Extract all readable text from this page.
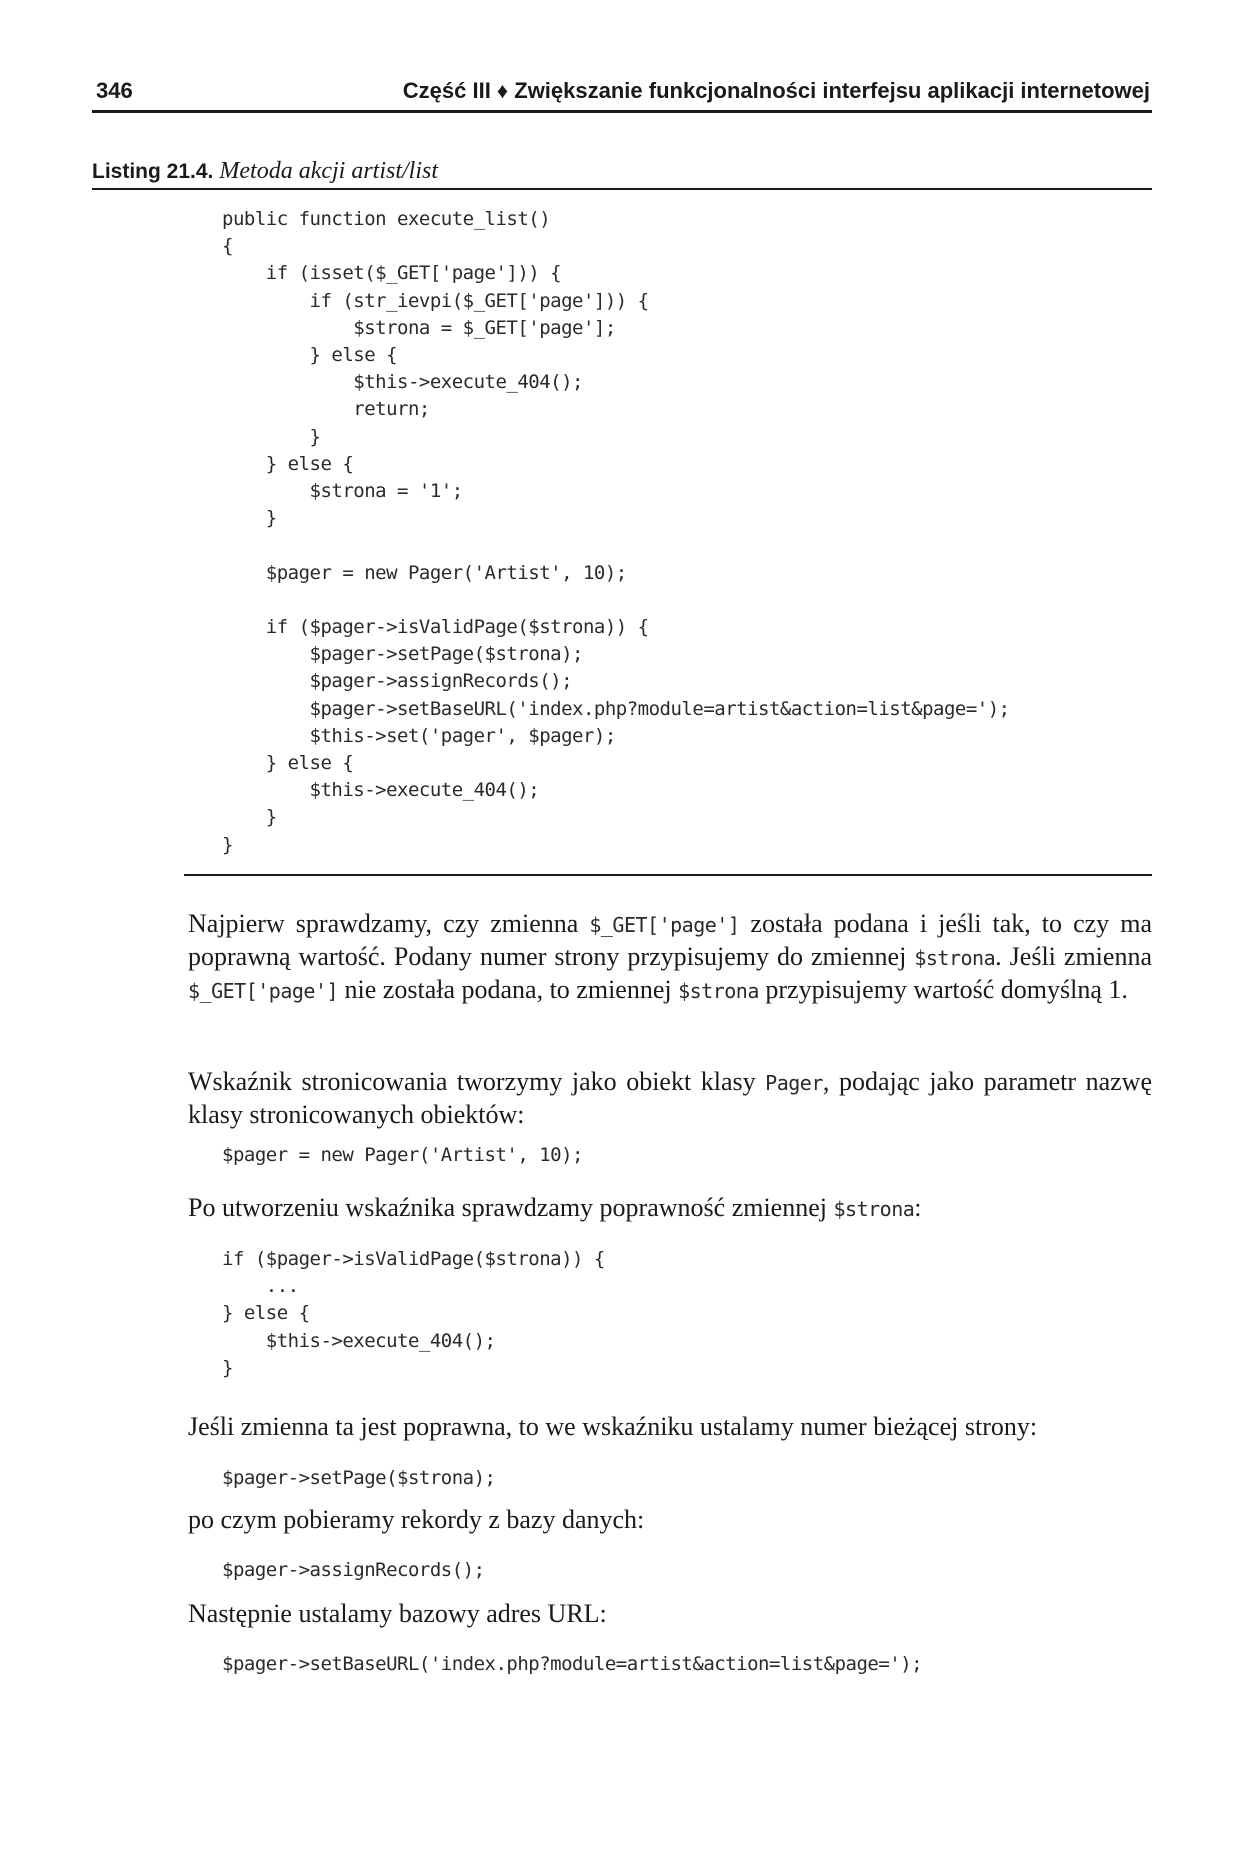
346	Część III ♦ Zwiększanie funkcjonalności interfejsu aplikacji internetowej
Listing 21.4. Metoda akcji artist/list
public function execute_list()
{
if (isset($_GET['page'])) {
if (str_ievpi($_GET['page'])) {
$strona = $_GET['page'];
} else {
$this->execute_404();
return;
}
} else {
$strona = '1';
}

$pager = new Pager('Artist', 10);

if ($pager->isValidPage($strona)) {
$pager->setPage($strona);
$pager->assignRecords();
$pager->setBaseURL('index.php?module=artist&action=list&page=');
$this->set('pager', $pager);
} else {
$this->execute_404();
}
}

Najpierw sprawdzamy, czy zmienna $_GET['page'] została podana i jeśli tak, to czy ma poprawną wartość. Podany numer strony przypisujemy do zmiennej $strona. Jeśli zmienna $_GET['page'] nie została podana, to zmiennej $strona przypisujemy wartość domyślną 1.

Wskaźnik stronicowania tworzymy jako obiekt klasy Pager, podając jako parametr nazwę klasy stronicowanych obiektów:

$pager = new Pager('Artist', 10);

Po utworzeniu wskaźnika sprawdzamy poprawność zmiennej $strona:

if ($pager->isValidPage($strona)) {
...
} else {
$this->execute_404();
}

Jeśli zmienna ta jest poprawna, to we wskaźniku ustalamy numer bieżącej strony:

$pager->setPage($strona);

po czym pobieramy rekordy z bazy danych:

$pager->assignRecords();

Następnie ustalamy bazowy adres URL:

$pager->setBaseURL('index.php?module=artist&action=list&page=');
